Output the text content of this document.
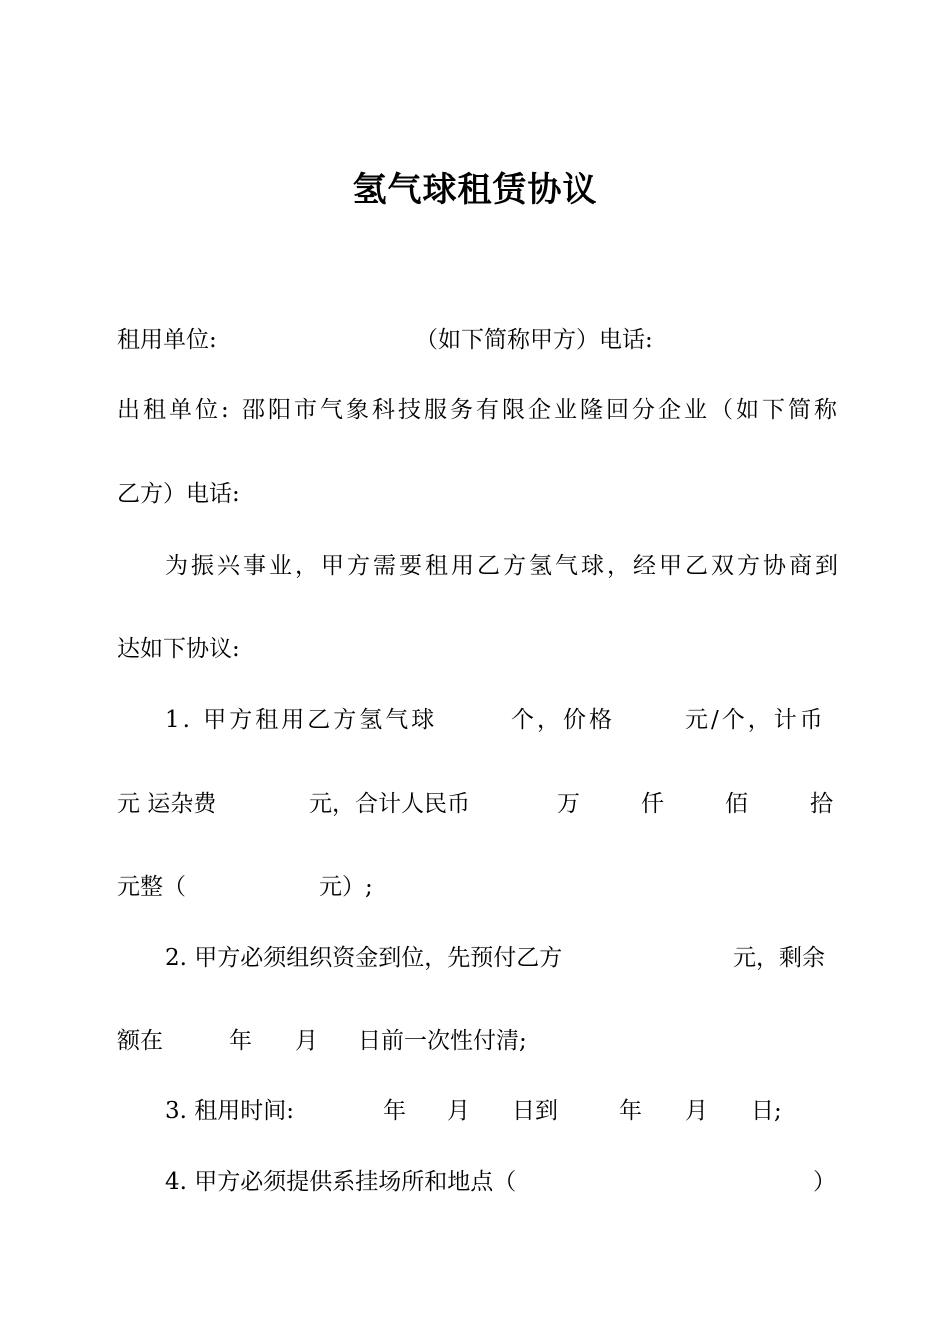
氢气球租赁协议
租用单位:	（如下简称甲方）电话:
出租单位: 邵阳市气象科技服务有限企业隆回分企业（如下简称
乙方）电话:
为振兴事业，甲方需要租用乙方氢气球，经甲乙双方协商到
达如下协议:
1. 甲方租用乙方氢气球	个，价格	元/个，计币
元 运杂费	元，合计人民币	万	仟	佰	拾
元整（	元）;
2. 甲方必须组织资金到位，先预付乙方	元，剩余
额在	年 月 日前一次性付清;
3. 租用时间:	年 月 日到	年 月 日;
4. 甲方必须提供系挂场所和地点（	）
